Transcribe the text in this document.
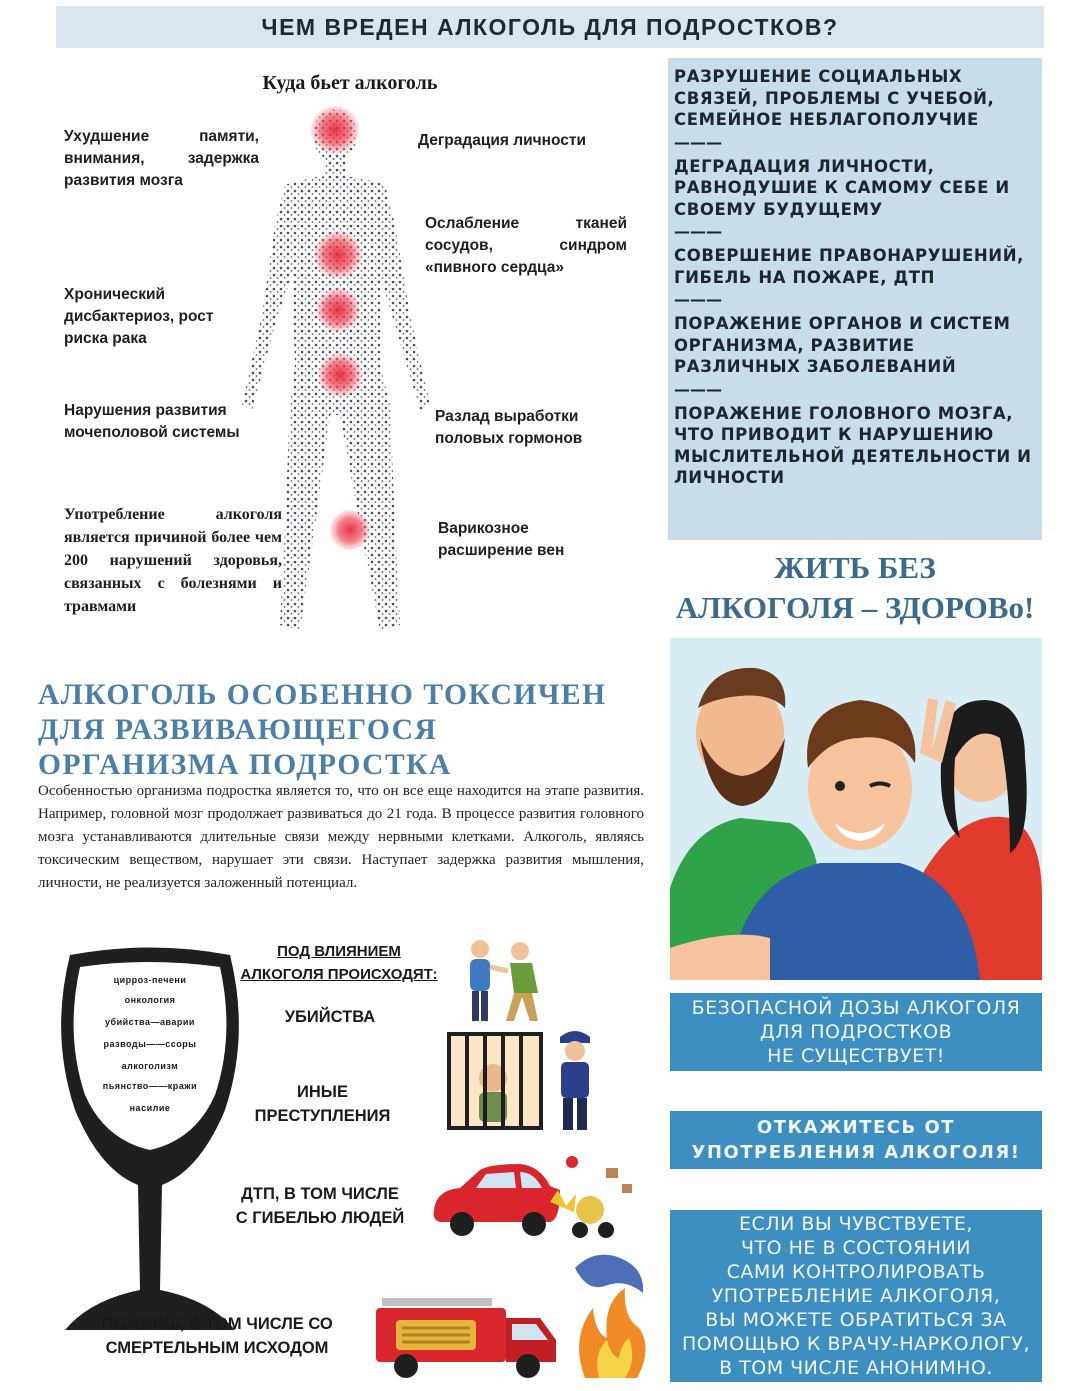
ЧЕМ ВРЕДЕН АЛКОГОЛЬ ДЛЯ ПОДРОСТКОВ?
Куда бьет алкоголь
Ухудшение памяти, внимания, задержка развития мозга
Хронический дисбактериоз, рост риска рака
Нарушения развития мочеполовой системы
Употребление алкоголя является причиной более чем 200 нарушений здоровья, связанных с болезнями и травмами
Деградация личности
Ослабление тканей сосудов, синдром «пивного сердца»
Разлад выработки половых гормонов
Варикозное расширение вен
РАЗРУШЕНИЕ СОЦИАЛЬНЫХ СВЯЗЕЙ, ПРОБЛЕМЫ С УЧЕБОЙ, СЕМЕЙНОЕ НЕБЛАГОПОЛУЧИЕ
———
ДЕГРАДАЦИЯ ЛИЧНОСТИ, РАВНОДУШИЕ К САМОМУ СЕБЕ И СВОЕМУ БУДУЩЕМУ
———
СОВЕРШЕНИЕ ПРАВОНАРУШЕНИЙ, ГИБЕЛЬ НА ПОЖАРЕ, ДТП
———
ПОРАЖЕНИЕ ОРГАНОВ И СИСТЕМ ОРГАНИЗМА, РАЗВИТИЕ РАЗЛИЧНЫХ ЗАБОЛЕВАНИЙ
———
ПОРАЖЕНИЕ ГОЛОВНОГО МОЗГА, ЧТО ПРИВОДИТ К НАРУШЕНИЮ МЫСЛИТЕЛЬНОЙ ДЕЯТЕЛЬНОСТИ И ЛИЧНОСТИ
ЖИТЬ БЕЗ
АЛКОГОЛЯ – ЗДОРОВо!
БЕЗОПАСНОЙ ДОЗЫ АЛКОГОЛЯ
ДЛЯ ПОДРОСТКОВ
НЕ СУЩЕСТВУЕТ!
ОТКАЖИТЕСЬ ОТ
УПОТРЕБЛЕНИЯ АЛКОГОЛЯ!
ЕСЛИ ВЫ ЧУВСТВУЕТЕ,
ЧТО НЕ В СОСТОЯНИИ
САМИ КОНТРОЛИРОВАТЬ
УПОТРЕБЛЕНИЕ АЛКОГОЛЯ,
ВЫ МОЖЕТЕ ОБРАТИТЬСЯ ЗА
ПОМОЩЬЮ К ВРАЧУ-НАРКОЛОГУ,
В ТОМ ЧИСЛЕ АНОНИМНО.
АЛКОГОЛЬ ОСОБЕННО ТОКСИЧЕН
ДЛЯ РАЗВИВАЮЩЕГОСЯ
ОРГАНИЗМА ПОДРОСТКА
Особенностью организма подростка является то, что он все еще находится на этапе развития. Например, головной мозг продолжает развиваться до 21 года. В процессе развития головного мозга устанавливаются длительные связи между нервными клетками. Алкоголь, являясь токсическим веществом, нарушает эти связи. Наступает задержка развития мышления, личности, не реализуется заложенный потенциал.
цирроз-печени
онкология
убийства—аварии
разводы——ссоры
алкоголизм
пьянство——кражи
насилие
ПОД ВЛИЯНИЕМ
АЛКОГОЛЯ ПРОИСХОДЯТ:
УБИЙСТВА
ИНЫЕ
ПРЕСТУПЛЕНИЯ
ДТП, В ТОМ ЧИСЛЕ
С ГИБЕЛЬЮ ЛЮДЕЙ
ПОЖАРЫ, В ТОМ ЧИСЛЕ СО
СМЕРТЕЛЬНЫМ ИСХОДОМ
